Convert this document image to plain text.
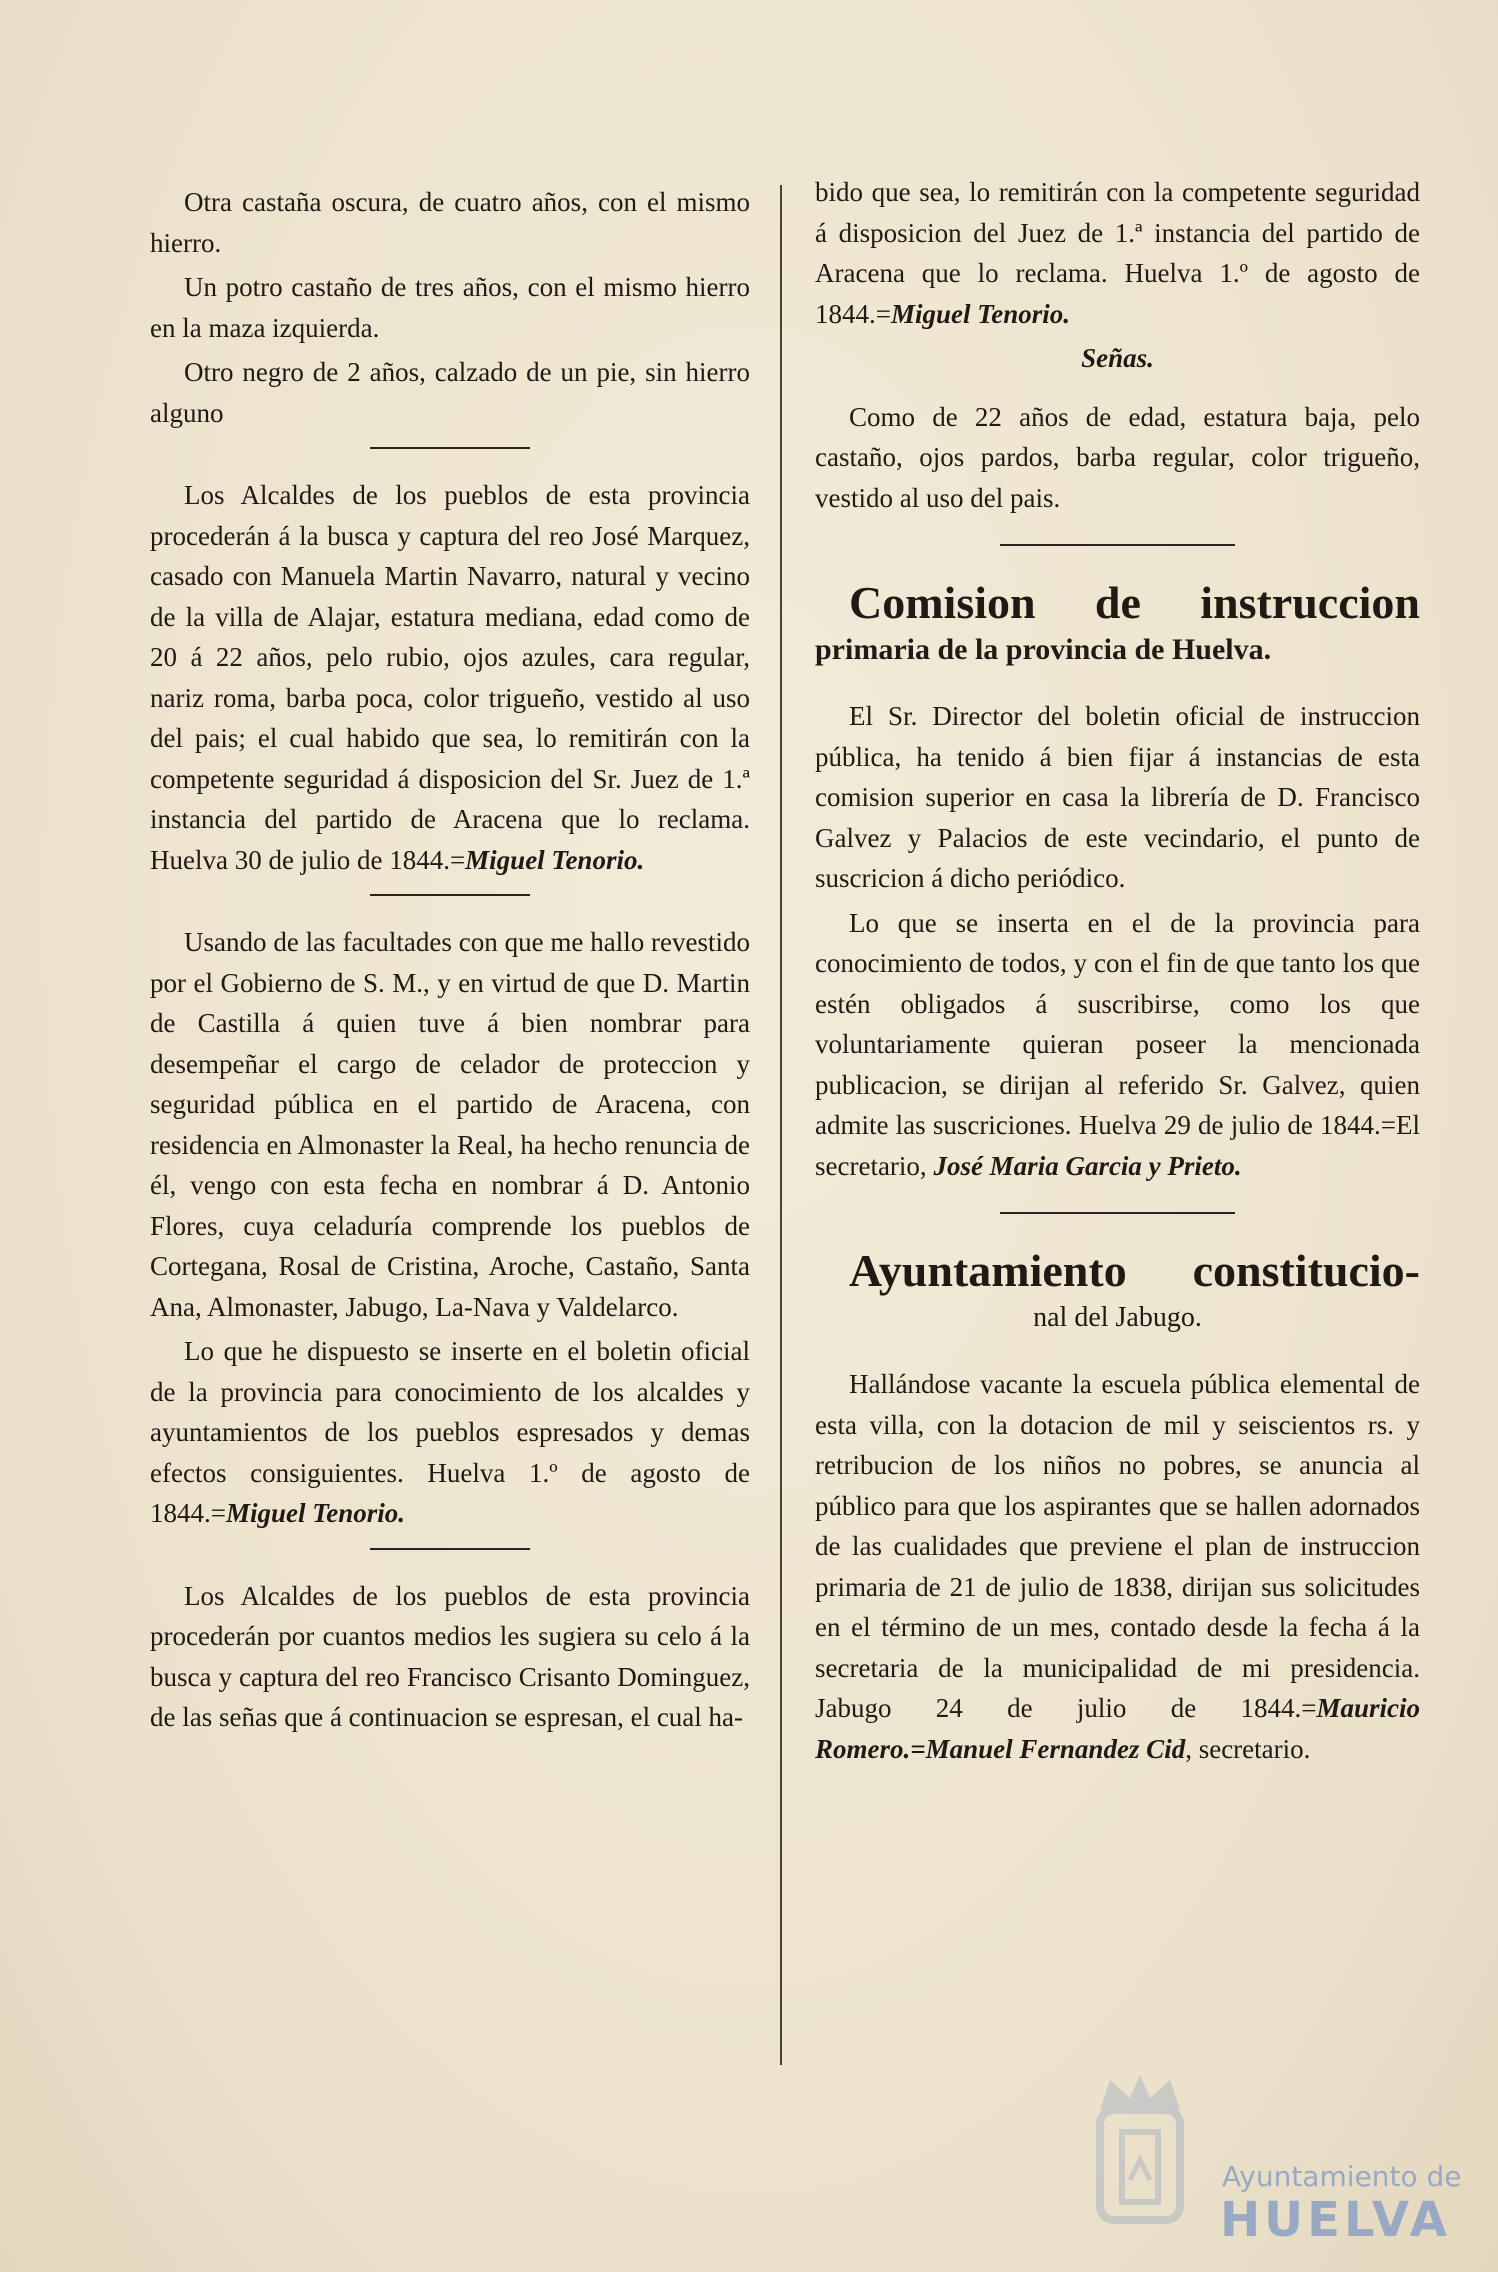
Otra castaña oscura, de cuatro años, con el mismo hierro.

Un potro castaño de tres años, con el mismo hierro en la maza izquierda.

Otro negro de 2 años, calzado de un pie, sin hierro alguno

Los Alcaldes de los pueblos de esta provincia procederán á la busca y captura del reo José Marquez, casado con Manuela Martin Navarro, natural y vecino de la villa de Alajar, estatura mediana, edad como de 20 á 22 años, pelo rubio, ojos azules, cara regular, nariz roma, barba poca, color trigueño, vestido al uso del pais; el cual habido que sea, lo remitirán con la competente seguridad á disposicion del Sr. Juez de 1.ª instancia del partido de Aracena que lo reclama. Huelva 30 de julio de 1844.=Miguel Tenorio.

Usando de las facultades con que me hallo revestido por el Gobierno de S. M., y en virtud de que D. Martin de Castilla á quien tuve á bien nombrar para desempeñar el cargo de celador de proteccion y seguridad pública en el partido de Aracena, con residencia en Almonaster la Real, ha hecho renuncia de él, vengo con esta fecha en nombrar á D. Antonio Flores, cuya celaduría comprende los pueblos de Cortegana, Rosal de Cristina, Aroche, Castaño, Santa Ana, Almonaster, Jabugo, La-Nava y Valdelarco.

Lo que he dispuesto se inserte en el boletin oficial de la provincia para conocimiento de los alcaldes y ayuntamientos de los pueblos espresados y demas efectos consiguientes. Huelva 1.º de agosto de 1844.=Miguel Tenorio.

Los Alcaldes de los pueblos de esta provincia procederán por cuantos medios les sugiera su celo á la busca y captura del reo Francisco Crisanto Dominguez, de las señas que á continuacion se espresan, el cual ha-

bido que sea, lo remitirán con la competente seguridad á disposicion del Juez de 1.ª instancia del partido de Aracena que lo reclama. Huelva 1.º de agosto de 1844.=Miguel Tenorio.

Señas.

Como de 22 años de edad, estatura baja, pelo castaño, ojos pardos, barba regular, color trigueño, vestido al uso del pais.

Comision de instruccion

primaria de la provincia de Huelva.

El Sr. Director del boletin oficial de instruccion pública, ha tenido á bien fijar á instancias de esta comision superior en casa la librería de D. Francisco Galvez y Palacios de este vecindario, el punto de suscricion á dicho periódico.

Lo que se inserta en el de la provincia para conocimiento de todos, y con el fin de que tanto los que estén obligados á suscribirse, como los que voluntariamente quieran poseer la mencionada publicacion, se dirijan al referido Sr. Galvez, quien admite las suscriciones. Huelva 29 de julio de 1844.=El secretario, José Maria Garcia y Prieto.

Ayuntamiento constitucio-

nal del Jabugo.

Hallándose vacante la escuela pública elemental de esta villa, con la dotacion de mil y seiscientos rs. y retribucion de los niños no pobres, se anuncia al público para que los aspirantes que se hallen adornados de las cualidades que previene el plan de instruccion primaria de 21 de julio de 1838, dirijan sus solicitudes en el término de un mes, contado desde la fecha á la secretaria de la municipalidad de mi presidencia. Jabugo 24 de julio de 1844.=Mauricio Romero.=Manuel Fernandez Cid, secretario.

Ayuntamiento de
HUELVA
